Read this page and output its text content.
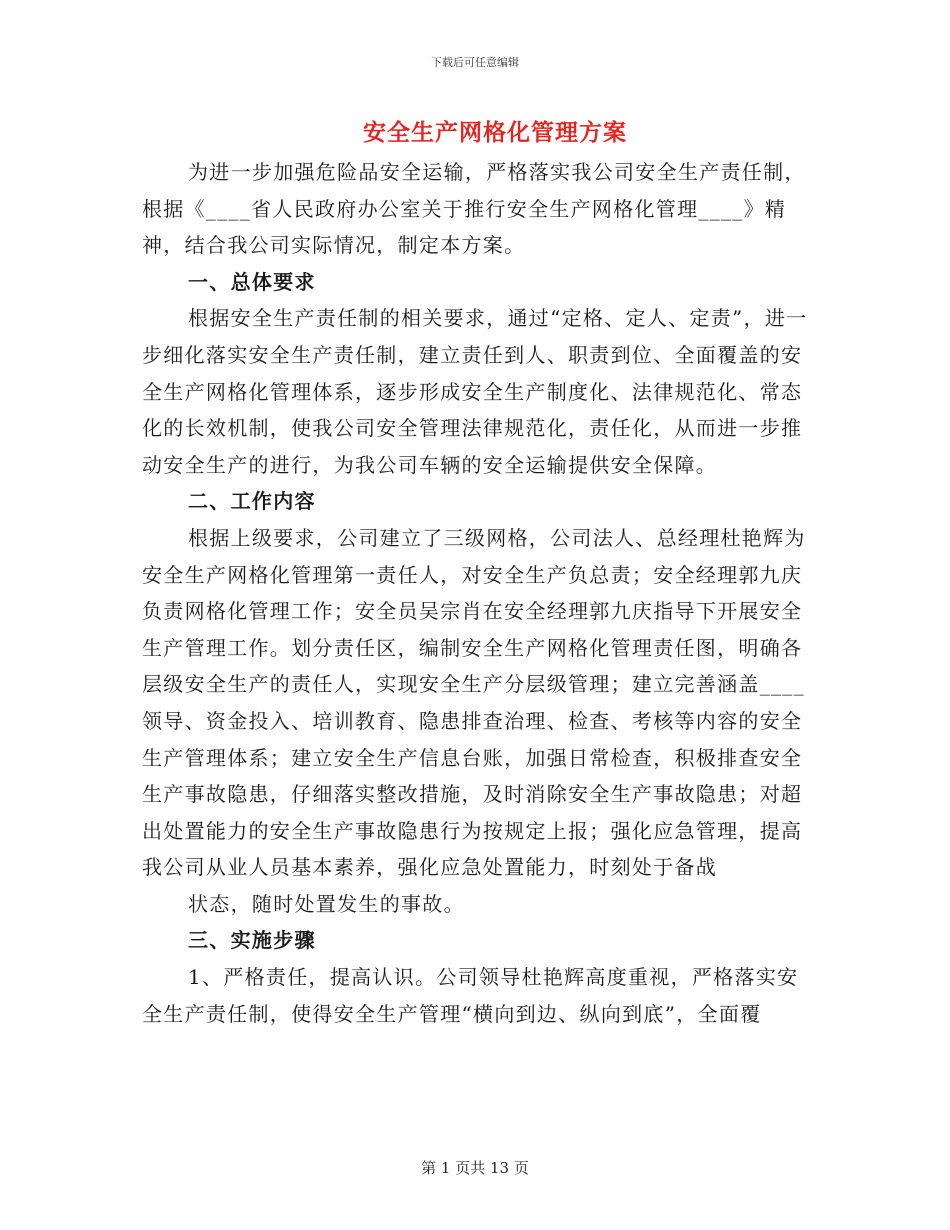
下载后可任意编辑
安全生产网格化管理方案

为进一步加强危险品安全运输，严格落实我公司安全生产责任制，根据《____省人民政府办公室关于推行安全生产网格化管理____》精神，结合我公司实际情况，制定本方案。

一、总体要求

根据安全生产责任制的相关要求，通过“定格、定人、定责”，进一步细化落实安全生产责任制，建立责任到人、职责到位、全面覆盖的安全生产网格化管理体系，逐步形成安全生产制度化、法律规范化、常态化的长效机制，使我公司安全管理法律规范化，责任化，从而进一步推动安全生产的进行，为我公司车辆的安全运输提供安全保障。

二、工作内容

根据上级要求，公司建立了三级网格，公司法人、总经理杜艳辉为安全生产网格化管理第一责任人，对安全生产负总责；安全经理郭九庆负责网格化管理工作；安全员吴宗肖在安全经理郭九庆指导下开展安全生产管理工作。划分责任区，编制安全生产网格化管理责任图，明确各层级安全生产的责任人，实现安全生产分层级管理；建立完善涵盖____领导、资金投入、培训教育、隐患排查治理、检查、考核等内容的安全生产管理体系；建立安全生产信息台账，加强日常检查，积极排查安全生产事故隐患，仔细落实整改措施，及时消除安全生产事故隐患；对超出处置能力的安全生产事故隐患行为按规定上报；强化应急管理，提高我公司从业人员基本素养，强化应急处置能力，时刻处于备战

状态，随时处置发生的事故。

三、实施步骤

1、严格责任，提高认识。公司领导杜艳辉高度重视，严格落实安全生产责任制，使得安全生产管理“横向到边、纵向到底”，全面覆

第 1 页共 13 页
